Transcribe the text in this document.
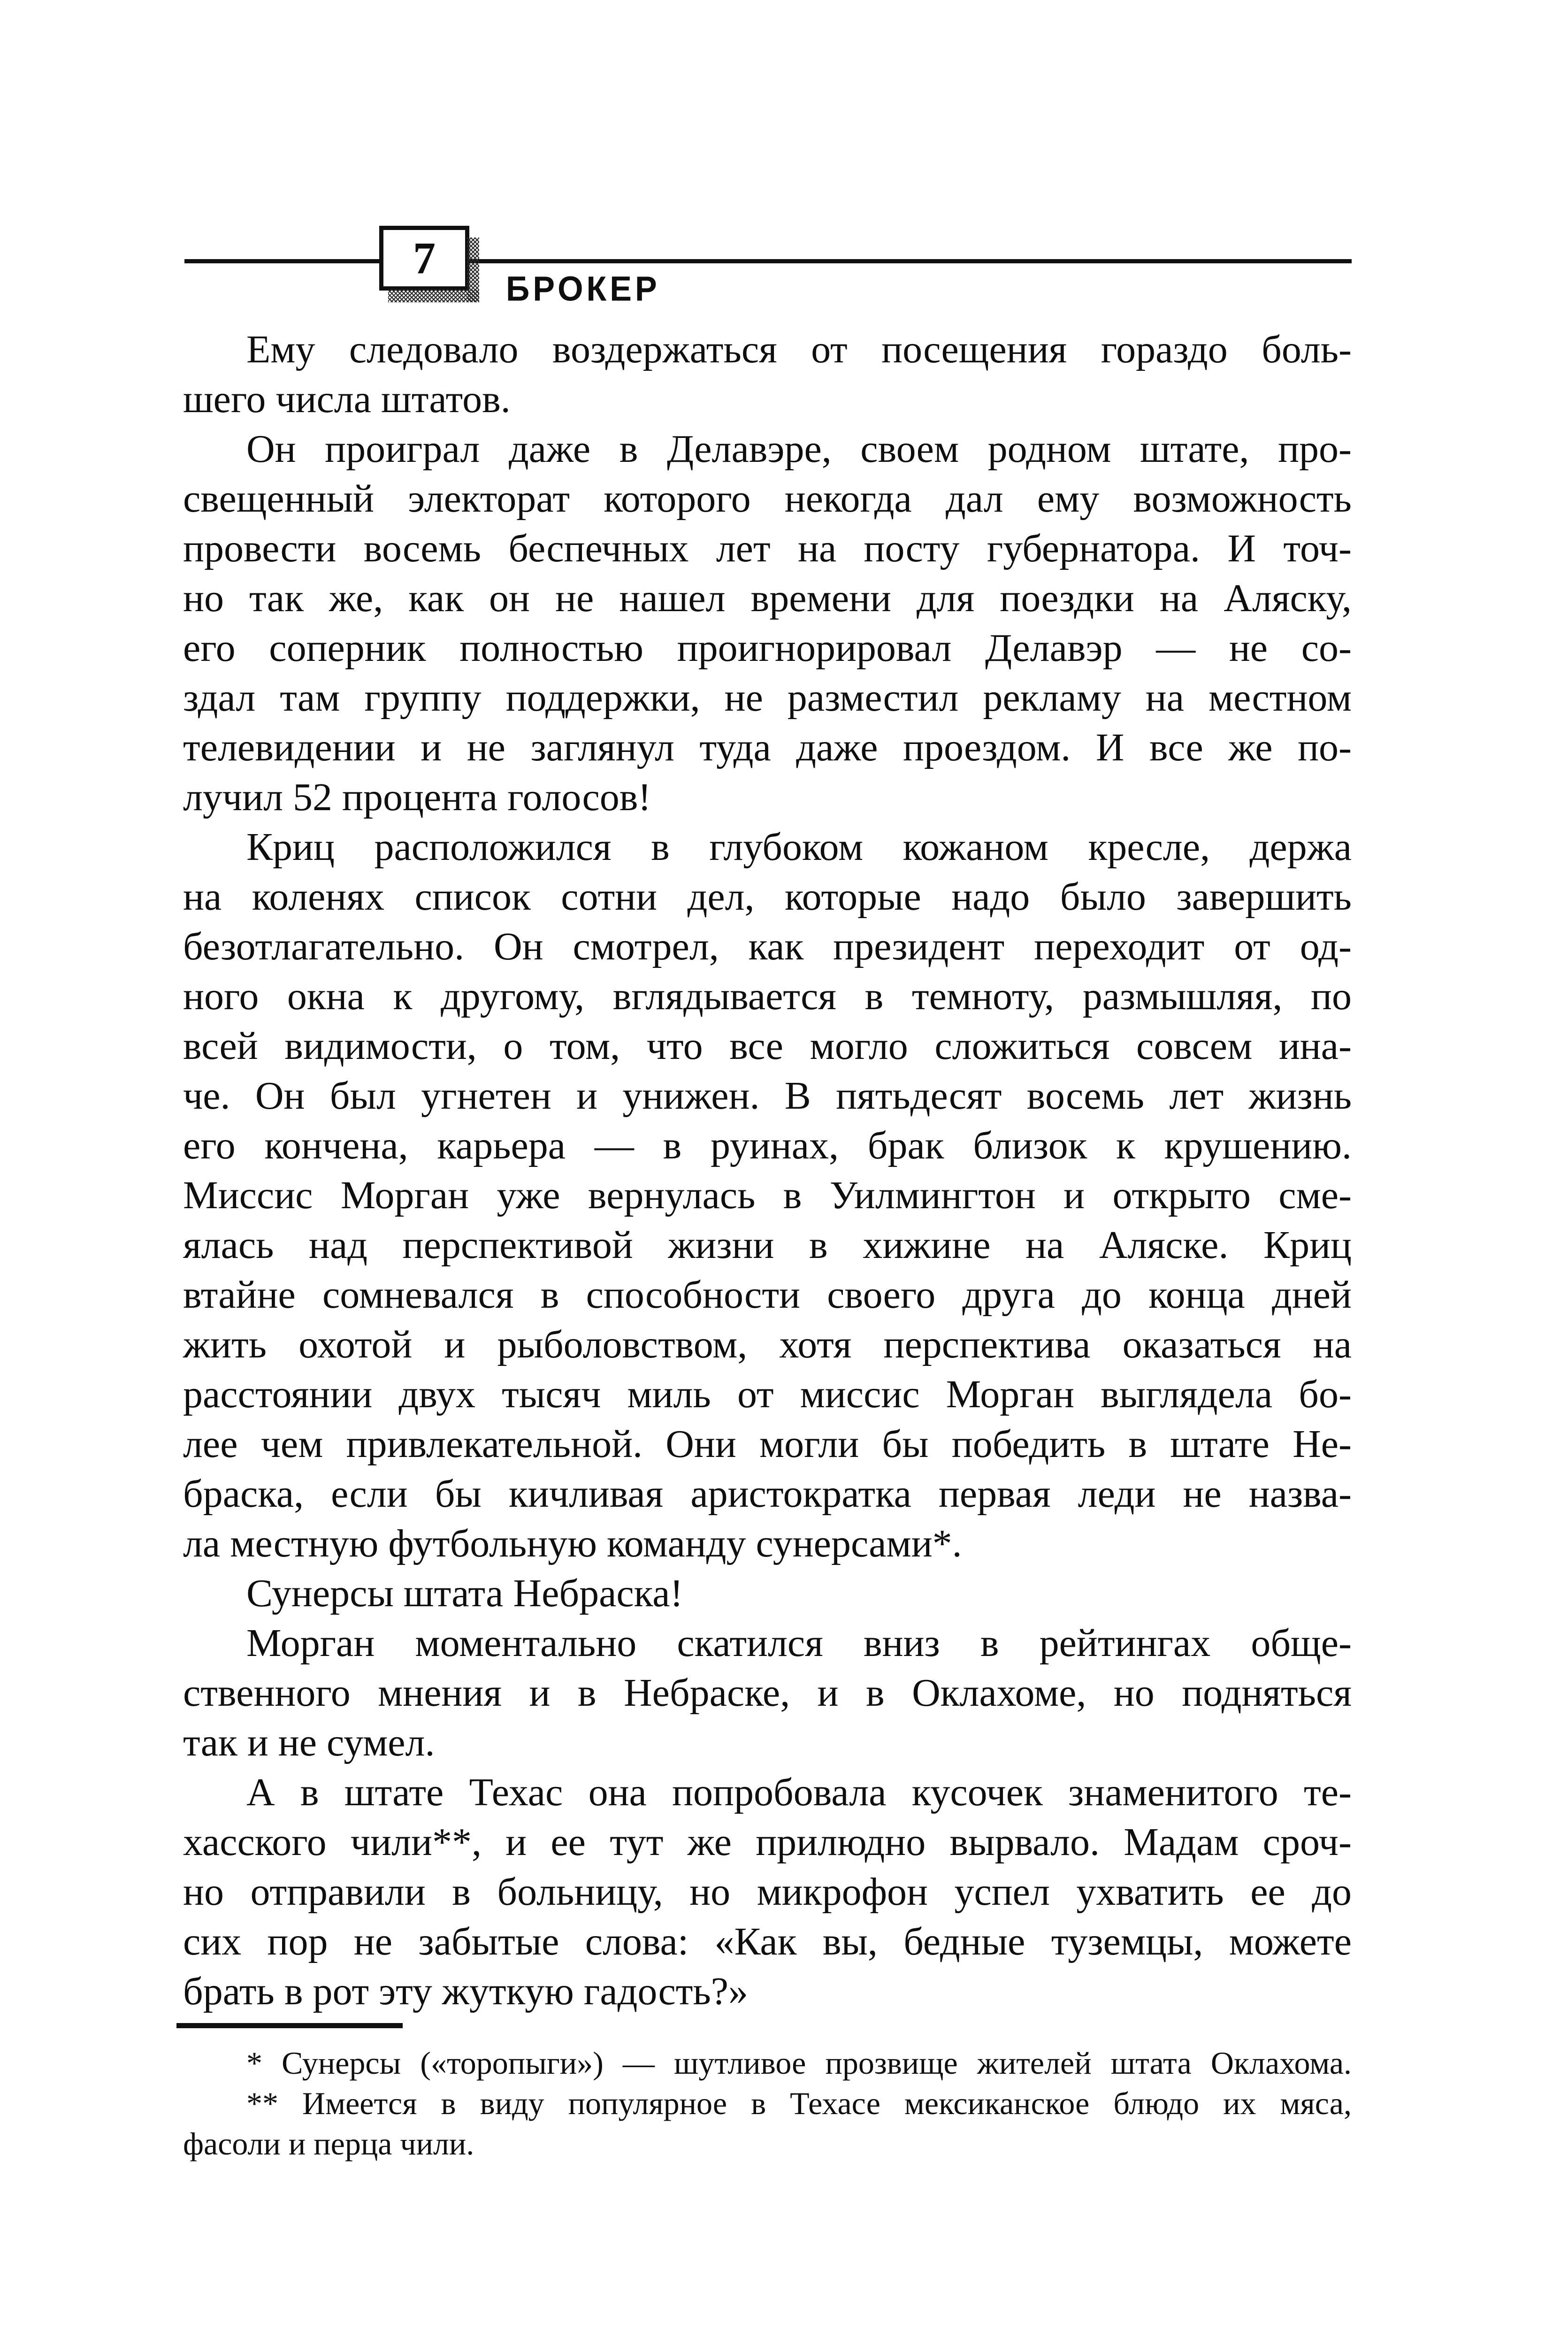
7
БРОКЕР
Ему следовало воздержаться от посещения гораздо боль-
шего числа штатов.
Он проиграл даже в Делавэре, своем родном штате, про-
свещенный электорат которого некогда дал ему возможность
провести восемь беспечных лет на посту губернатора. И точ-
но так же, как он не нашел времени для поездки на Аляску,
его соперник полностью проигнорировал Делавэр — не со-
здал там группу поддержки, не разместил рекламу на местном
телевидении и не заглянул туда даже проездом. И все же по-
лучил 52 процента голосов!
Криц расположился в глубоком кожаном кресле, держа
на коленях список сотни дел, которые надо было завершить
безотлагательно. Он смотрел, как президент переходит от од-
ного окна к другому, вглядывается в темноту, размышляя, по
всей видимости, о том, что все могло сложиться совсем ина-
че. Он был угнетен и унижен. В пятьдесят восемь лет жизнь
его кончена, карьера — в руинах, брак близок к крушению.
Миссис Морган уже вернулась в Уилмингтон и открыто сме-
ялась над перспективой жизни в хижине на Аляске. Криц
втайне сомневался в способности своего друга до конца дней
жить охотой и рыболовством, хотя перспектива оказаться на
расстоянии двух тысяч миль от миссис Морган выглядела бо-
лее чем привлекательной. Они могли бы победить в штате Не-
браска, если бы кичливая аристократка первая леди не назва-
ла местную футбольную команду сунерсами*.
Сунерсы штата Небраска!
Морган моментально скатился вниз в рейтингах обще-
ственного мнения и в Небраске, и в Оклахоме, но подняться
так и не сумел.
А в штате Техас она попробовала кусочек знаменитого те-
хасского чили**, и ее тут же прилюдно вырвало. Мадам сроч-
но отправили в больницу, но микрофон успел ухватить ее до
сих пор не забытые слова: «Как вы, бедные туземцы, можете
брать в рот эту жуткую гадость?»
* Сунерсы («торопыги») — шутливое прозвище жителей штата Оклахома.
** Имеется в виду популярное в Техасе мексиканское блюдо их мяса,
фасоли и перца чили.
